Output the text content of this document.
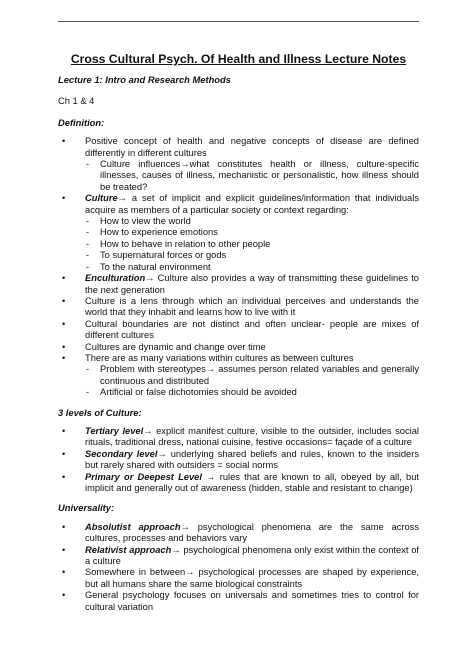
Cross Cultural Psych. Of Health and Illness Lecture Notes
Lecture 1: Intro and Research Methods
Ch 1 & 4
Definition:
• Positive concept of health and negative concepts of disease are defined differently in different cultures
- Culture influences→what constitutes health or illness, culture-specific illnesses, causes of illness, mechanistic or personalistic, how illness should be treated?
• Culture→ a set of implicit and explicit guidelines/information that individuals acquire as members of a particular society or context regarding:
- How to view the world
- How to experience emotions
- How to behave in relation to other people
- To supernatural forces or gods
- To the natural environment
• Enculturation→ Culture also provides a way of transmitting these guidelines to the next generation
• Culture is a lens through which an individual perceives and understands the world that they inhabit and learns how to live with it
• Cultural boundaries are not distinct and often unclear- people are mixes of different cultures
• Cultures are dynamic and change over time
• There are as many variations within cultures as between cultures
- Problem with stereotypes→ assumes person related variables and generally continuous and distributed
- Artificial or false dichotomies should be avoided
3 levels of Culture:
• Tertiary level→ explicit manifest culture, visible to the outsider, includes social rituals, traditional dress, national cuisine, festive occasions= façade of a culture
• Secondary level→ underlying shared beliefs and rules, known to the insiders but rarely shared with outsiders = social norms
• Primary or Deepest Level → rules that are known to all, obeyed by all, but implicit and generally out of awareness (hidden, stable and resistant to change)
Universality:
• Absolutist approach→ psychological phenomena are the same across cultures, processes and behaviors vary
• Relativist approach→ psychological phenomena only exist within the context of a culture
• Somewhere in between→ psychological processes are shaped by experience, but all humans share the same biological constraints
• General psychology focuses on universals and sometimes tries to control for cultural variation
